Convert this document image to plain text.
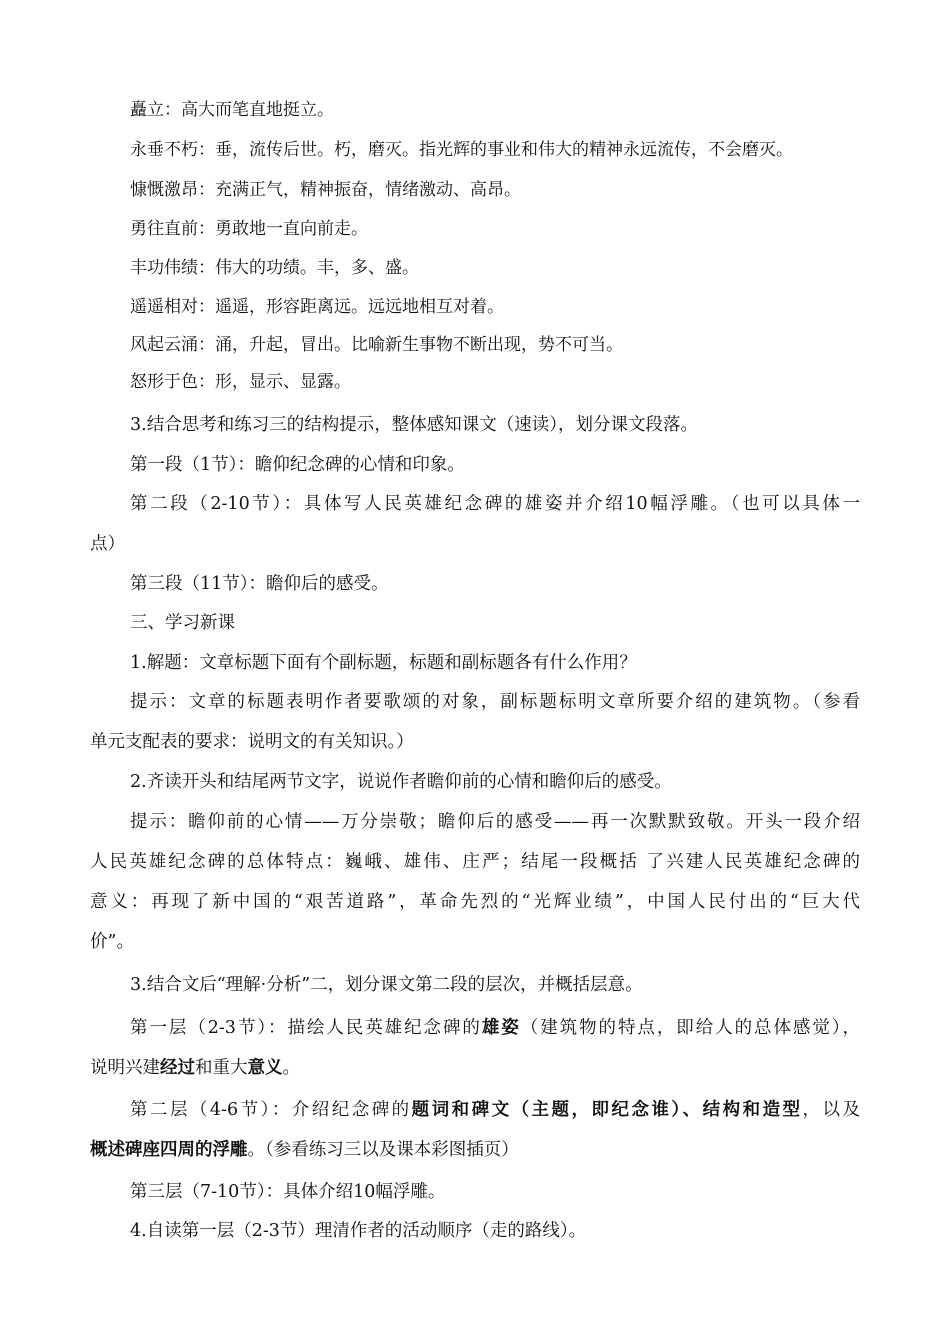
矗立：高大而笔直地挺立。
永垂不朽：垂，流传后世。朽，磨灭。指光辉的事业和伟大的精神永远流传，不会磨灭。
慷慨激昂：充满正气，精神振奋，情绪激动、高昂。
勇往直前：勇敢地一直向前走。
丰功伟绩：伟大的功绩。丰，多、盛。
遥遥相对：遥遥，形容距离远。远远地相互对着。
风起云涌：涌，升起，冒出。比喻新生事物不断出现，势不可当。
怒形于色：形，显示、显露。
3.结合思考和练习三的结构提示，整体感知课文（速读），划分课文段落。
第一段（1节）：瞻仰纪念碑的心情和印象。
第二段（2-10节）：具体写人民英雄纪念碑的雄姿并介绍10幅浮雕。（也可以具体一
点）
第三段（11节）：瞻仰后的感受。
三、学习新课
1.解题：文章标题下面有个副标题，标题和副标题各有什么作用？
提示：文章的标题表明作者要歌颂的对象，副标题标明文章所要介绍的建筑物。（参看
单元支配表的要求：说明文的有关知识。）
2.齐读开头和结尾两节文字，说说作者瞻仰前的心情和瞻仰后的感受。
提示：瞻仰前的心情——万分崇敬；瞻仰后的感受——再一次默默致敬。开头一段介绍
人民英雄纪念碑的总体特点：巍峨、雄伟、庄严；结尾一段概括 了兴建人民英雄纪念碑的
意义：再现了新中国的“艰苦道路”，革命先烈的“光辉业绩”，中国人民付出的“巨大代
价”。
3.结合文后“理解·分析”二，划分课文第二段的层次，并概括层意。
第一层（2-3节）：描绘人民英雄纪念碑的雄姿（建筑物的特点，即给人的总体感觉），
说明兴建经过和重大意义。
第二层（4-6节）：介绍纪念碑的题词和碑文（主题，即纪念谁）、结构和造型，以及
概述碑座四周的浮雕。（参看练习三以及课本彩图插页）
第三层（7-10节）：具体介绍10幅浮雕。
4.自读第一层（2-3节）理清作者的活动顺序（走的路线）。
